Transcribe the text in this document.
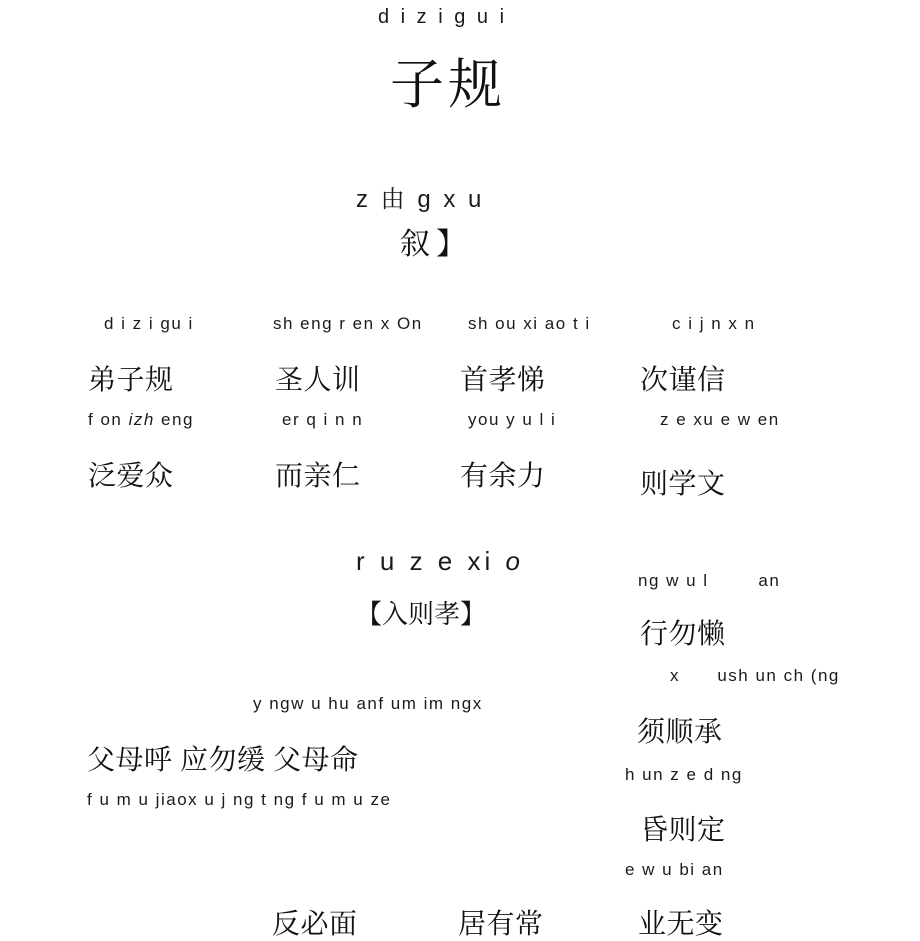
d i z i g u i
子规
z 由 g x u
叙】
d i z i gu i	sh eng r en x On	sh ou xi ao t i	c i j n x n
弟子规	圣人训	首孝悌	次谨信
f on izh eng	er q i n n	you y u l i	z e xu e w en
泛爱众	而亲仁	有余力	则学文
r u z e xi o
【入则孝】
ng w u l        an
行勿懒
x      ush un ch (ng
须顺承
h un z e d ng
昏则定
e w u bi an
y ngw u hu anf um im ngx
父母呼 应勿缓 父母命
f u m u jiaox u j ng t ng f u m u ze
反必面	居有常	业无变
